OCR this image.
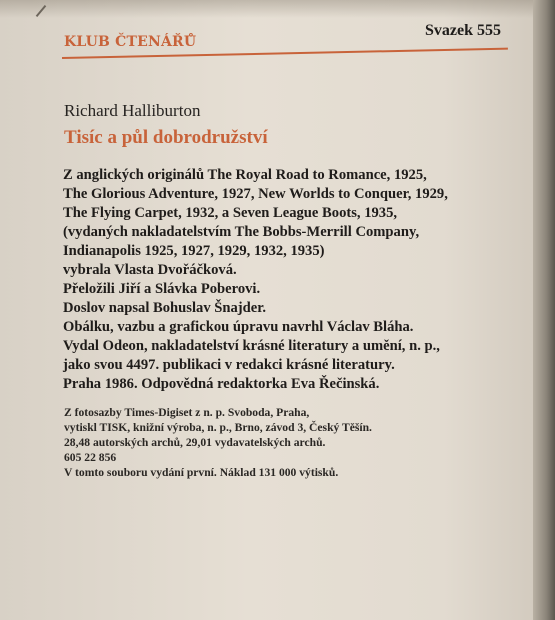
KLUB ČTENÁŘŮ
Svazek 555
Richard Halliburton
Tisíc a půl dobrodružství
Z anglických originálů The Royal Road to Romance, 1925,
The Glorious Adventure, 1927, New Worlds to Conquer, 1929,
The Flying Carpet, 1932, a Seven League Boots, 1935,
(vydaných nakladatelstvím The Bobbs-Merrill Company,
Indianapolis 1925, 1927, 1929, 1932, 1935)
vybrala Vlasta Dvořáčková.
Přeložili Jiří a Slávka Poberovi.
Doslov napsal Bohuslav Šnajder.
Obálku, vazbu a grafickou úpravu navrhl Václav Bláha.
Vydal Odeon, nakladatelství krásné literatury a umění, n. p.,
jako svou 4497. publikaci v redakci krásné literatury.
Praha 1986. Odpovědná redaktorka Eva Řečinská.
Z fotosazby Times-Digiset z n. p. Svoboda, Praha,
vytiskl TISK, knižní výroba, n. p., Brno, závod 3, Český Těšín.
28,48 autorských archů, 29,01 vydavatelských archů.
605 22 856
V tomto souboru vydání první. Náklad 131 000 výtisků.
